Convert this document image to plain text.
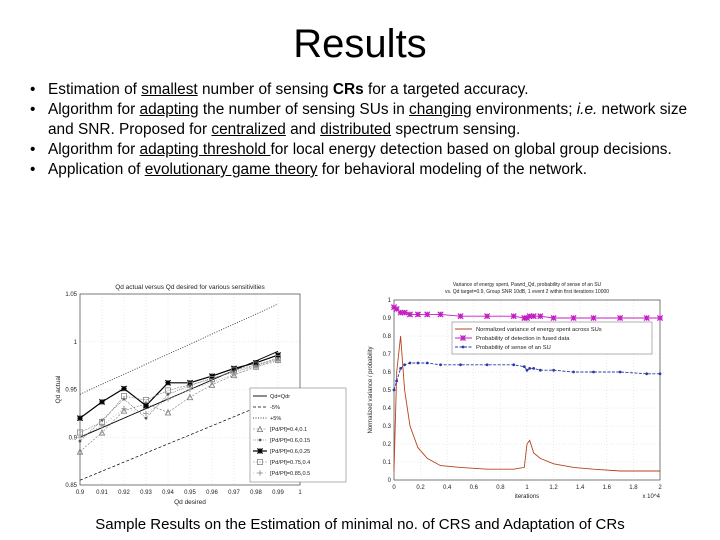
Results
• Estimation of smallest number of sensing CRs for a targeted accuracy.
• Algorithm for adapting the number of sensing SUs in changing environments; i.e. network size and SNR. Proposed for centralized and distributed spectrum sensing.
• Algorithm for adapting threshold for local energy detection based on global group decisions.
• Application of evolutionary game theory for behavioral modeling of the network.
Qd actual versus Qd desired for various sensitivities
0.9 0.91 0.92 0.93 0.94 0.95 0.96 0.97 0.98 0.99 1
0.85
0.9
0.95
1
1.05
Qd desired
Qd actual	Qd=Qdr
-5%
+5%
[Pd/Pf]=0.4,0.1
[Pd/Pf]=0.6,0.15
[Pd/Pf]=0.6,0.25
[Pd/Pf]=0.75,0.4
[Pd/Pf]=0.85,0.5
Variance of energy spent, Pawrd_Qd, probability of sense of an SU
vs. Qd target=0.9, Group SNR 10dB, 1 event 2 within first iterations 10000
0	0.2	0.4	0.6	0.8	1	1.2	1.4	1.6	1.8	2
0
0.1
0.2
0.3
0.4
0.5
0.6
0.7
0.8
0.9
1
iterations	x 10^4
Normalized variance / probability
Normalized variance of energy spent across SUs
Probability of detection in fused data
Probability of sense of an SU
Sample Results on the Estimation of minimal no. of CRS and Adaptation of CRs
